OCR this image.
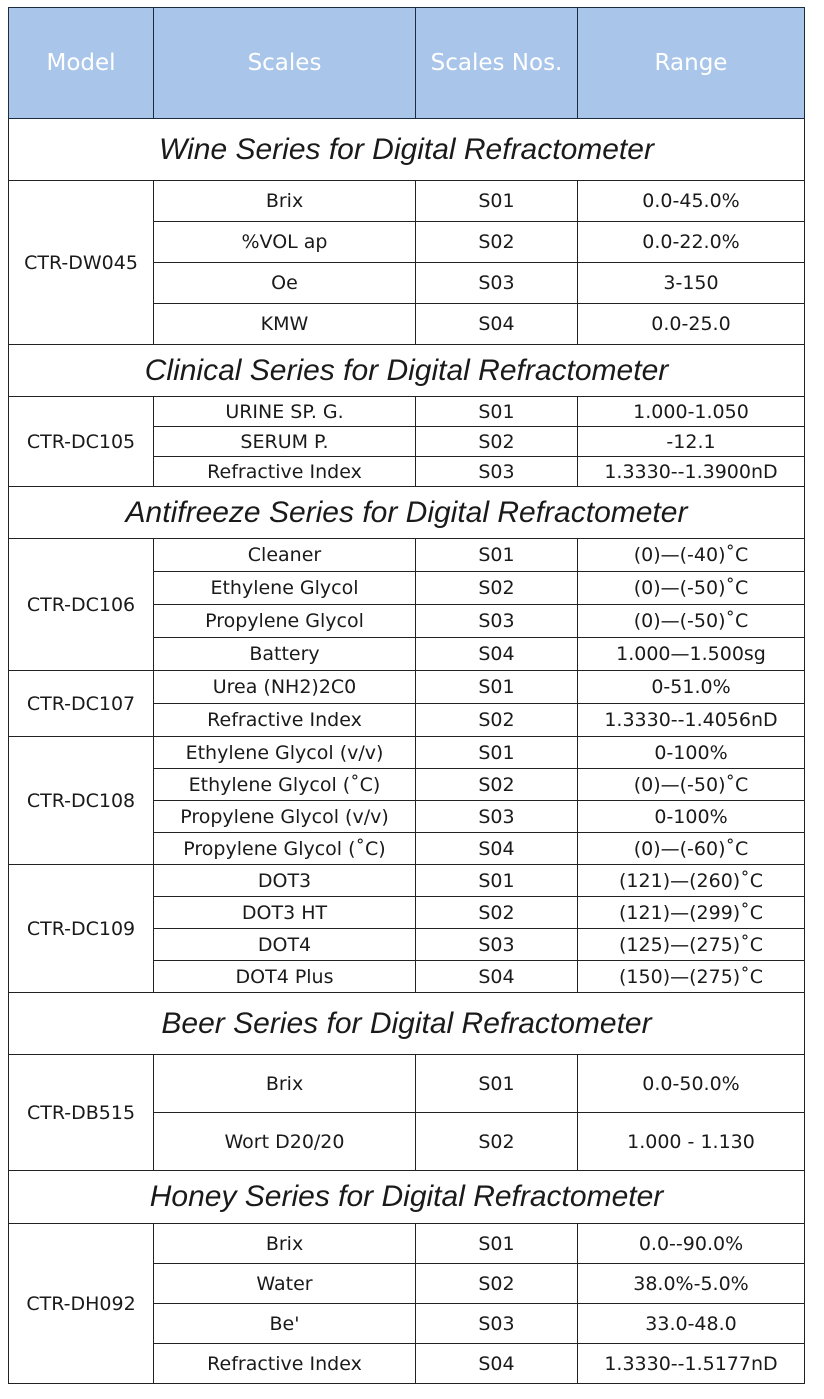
Model	Scales	Scales Nos.	Range
Wine Series for Digital Refractometer			
CTR-DW045	Brix	S01	0.0-45.0%
	%VOL ap	S02	0.0-22.0%
	Oe	S03	3-150
	KMW	S04	0.0-25.0
Clinical Series for Digital Refractometer			
CTR-DC105	URINE SP. G.	S01	1.000-1.050
	SERUM P.	S02	-12.1
	Refractive Index	S03	1.3330--1.3900nD
Antifreeze Series for Digital Refractometer			
CTR-DC106	Cleaner	S01	(0)—(-40)˚C
	Ethylene Glycol	S02	(0)—(-50)˚C
	Propylene Glycol	S03	(0)—(-50)˚C
	Battery	S04	1.000—1.500sg
CTR-DC107	Urea (NH2)2C0	S01	0-51.0%
	Refractive Index	S02	1.3330--1.4056nD
CTR-DC108	Ethylene Glycol (v/v)	S01	0-100%
	Ethylene Glycol (˚C)	S02	(0)—(-50)˚C
	Propylene Glycol (v/v)	S03	0-100%
	Propylene Glycol (˚C)	S04	(0)—(-60)˚C
CTR-DC109	DOT3	S01	(121)—(260)˚C
	DOT3 HT	S02	(121)—(299)˚C
	DOT4	S03	(125)—(275)˚C
	DOT4 Plus	S04	(150)—(275)˚C
Beer Series for Digital Refractometer			
CTR-DB515	Brix	S01	0.0-50.0%
	Wort D20/20	S02	1.000 - 1.130
Honey Series for Digital Refractometer			
CTR-DH092	Brix	S01	0.0--90.0%
	Water	S02	38.0%-5.0%
	Be'	S03	33.0-48.0
	Refractive Index	S04	1.3330--1.5177nD
